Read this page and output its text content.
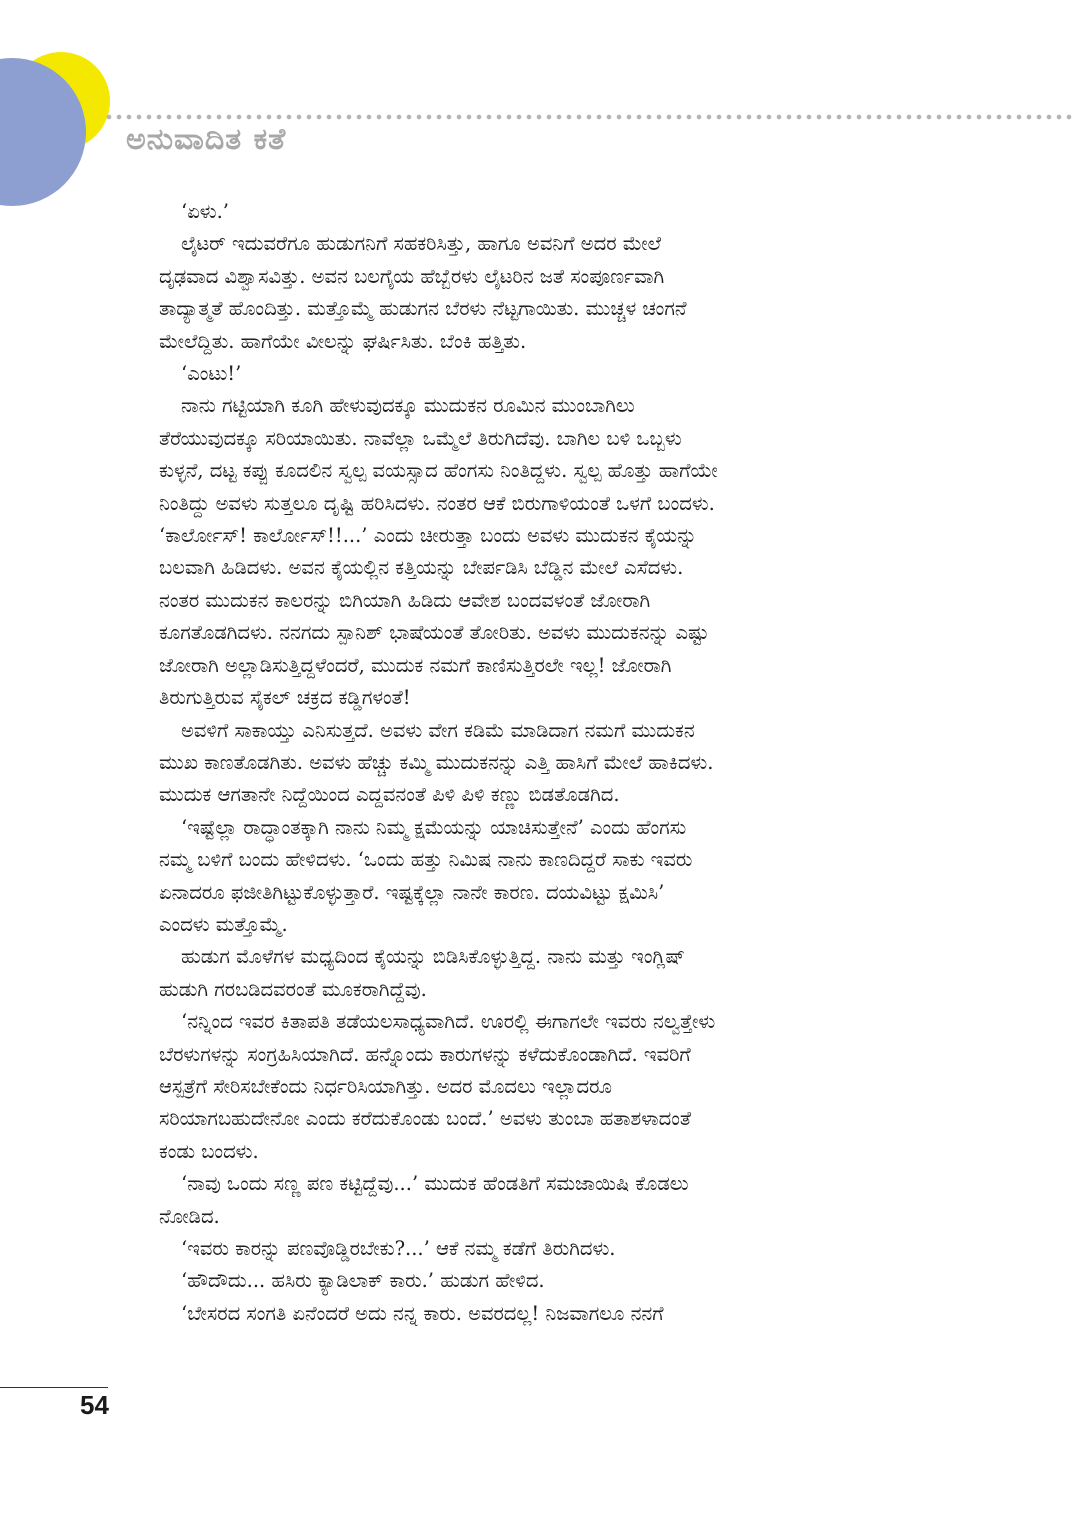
ಅನುವಾದಿತ ಕತೆ

‘ಏಳು.’

ಲೈಟರ್ ಇದುವರೆಗೂ ಹುಡುಗನಿಗೆ ಸಹಕರಿಸಿತ್ತು, ಹಾಗೂ ಅವನಿಗೆ ಅದರ ಮೇಲೆ
ದೃಢವಾದ ವಿಶ್ವಾಸವಿತ್ತು. ಅವನ ಬಲಗೈಯ ಹೆಬ್ಬೆರಳು ಲೈಟರಿನ ಜತೆ ಸಂಪೂರ್ಣವಾಗಿ
ತಾದ್ಯಾತ್ಮತೆ ಹೊಂದಿತ್ತು. ಮತ್ತೊಮ್ಮೆ ಹುಡುಗನ ಬೆರಳು ನೆಟ್ಟಗಾಯಿತು. ಮುಚ್ಚಳ ಚಂಗನೆ
ಮೇಲೆದ್ದಿತು. ಹಾಗೆಯೇ ವೀಲನ್ನು ಘರ್ಷಿಸಿತು. ಬೆಂಕಿ ಹತ್ತಿತು.

‘ಎಂಟು!’

ನಾನು ಗಟ್ಟಿಯಾಗಿ ಕೂಗಿ ಹೇಳುವುದಕ್ಕೂ ಮುದುಕನ ರೂಮಿನ ಮುಂಬಾಗಿಲು
ತೆರೆಯುವುದಕ್ಕೂ ಸರಿಯಾಯಿತು. ನಾವೆಲ್ಲಾ ಒಮ್ಮೆಲೆ ತಿರುಗಿದೆವು. ಬಾಗಿಲ ಬಳಿ ಒಬ್ಬಳು
ಕುಳ್ಳನೆ, ದಟ್ಟ ಕಪ್ಪು ಕೂದಲಿನ ಸ್ವಲ್ಪ ವಯಸ್ಸಾದ ಹೆಂಗಸು ನಿಂತಿದ್ದಳು. ಸ್ವಲ್ಪ ಹೊತ್ತು ಹಾಗೆಯೇ
ನಿಂತಿದ್ದು ಅವಳು ಸುತ್ತಲೂ ದೃಷ್ಟಿ ಹರಿಸಿದಳು. ನಂತರ ಆಕೆ ಬಿರುಗಾಳಿಯಂತೆ ಒಳಗೆ ಬಂದಳು.
‘ಕಾರ್ಲೋಸ್! ಕಾರ್ಲೋಸ್!!...’ ಎಂದು ಚೀರುತ್ತಾ ಬಂದು ಅವಳು ಮುದುಕನ ಕೈಯನ್ನು
ಬಲವಾಗಿ ಹಿಡಿದಳು. ಅವನ ಕೈಯಲ್ಲಿನ ಕತ್ತಿಯನ್ನು ಬೇರ್ಪಡಿಸಿ ಬೆಡ್ಡಿನ ಮೇಲೆ ಎಸೆದಳು.
ನಂತರ ಮುದುಕನ ಕಾಲರನ್ನು ಬಿಗಿಯಾಗಿ ಹಿಡಿದು ಆವೇಶ ಬಂದವಳಂತೆ ಜೋರಾಗಿ
ಕೂಗತೊಡಗಿದಳು. ನನಗದು ಸ್ಪಾನಿಶ್ ಭಾಷೆಯಂತೆ ತೋರಿತು. ಅವಳು ಮುದುಕನನ್ನು ಎಷ್ಟು
ಜೋರಾಗಿ ಅಲ್ಲಾಡಿಸುತ್ತಿದ್ದಳೆಂದರೆ, ಮುದುಕ ನಮಗೆ ಕಾಣಿಸುತ್ತಿರಲೇ ಇಲ್ಲ! ಜೋರಾಗಿ
ತಿರುಗುತ್ತಿರುವ ಸೈಕಲ್ ಚಕ್ರದ ಕಡ್ಡಿಗಳಂತೆ!

ಅವಳಿಗೆ ಸಾಕಾಯ್ತು ಎನಿಸುತ್ತದೆ. ಅವಳು ವೇಗ ಕಡಿಮೆ ಮಾಡಿದಾಗ ನಮಗೆ ಮುದುಕನ
ಮುಖ ಕಾಣತೊಡಗಿತು. ಅವಳು ಹೆಚ್ಚು ಕಮ್ಮಿ ಮುದುಕನನ್ನು ಎತ್ತಿ ಹಾಸಿಗೆ ಮೇಲೆ ಹಾಕಿದಳು.
ಮುದುಕ ಆಗತಾನೇ ನಿದ್ದೆಯಿಂದ ಎದ್ದವನಂತೆ ಪಿಳಿ ಪಿಳಿ ಕಣ್ಣು ಬಿಡತೊಡಗಿದ.

‘ಇಷ್ಟೆಲ್ಲಾ ರಾದ್ಧಾಂತಕ್ಕಾಗಿ ನಾನು ನಿಮ್ಮ ಕ್ಷಮೆಯನ್ನು ಯಾಚಿಸುತ್ತೇನೆ’ ಎಂದು ಹೆಂಗಸು
ನಮ್ಮ ಬಳಿಗೆ ಬಂದು ಹೇಳಿದಳು. ‘ಒಂದು ಹತ್ತು ನಿಮಿಷ ನಾನು ಕಾಣದಿದ್ದರೆ ಸಾಕು ಇವರು
ಏನಾದರೂ ಫಜೀತಿಗಿಟ್ಟುಕೊಳ್ಳುತ್ತಾರೆ. ಇಷ್ಟಕ್ಕೆಲ್ಲಾ ನಾನೇ ಕಾರಣ. ದಯವಿಟ್ಟು ಕ್ಷಮಿಸಿ’
ಎಂದಳು ಮತ್ತೊಮ್ಮೆ.

ಹುಡುಗ ಮೊಳೆಗಳ ಮಧ್ಯದಿಂದ ಕೈಯನ್ನು ಬಿಡಿಸಿಕೊಳ್ಳುತ್ತಿದ್ದ. ನಾನು ಮತ್ತು ಇಂಗ್ಲಿಷ್
ಹುಡುಗಿ ಗರಬಡಿದವರಂತೆ ಮೂಕರಾಗಿದ್ದೆವು.

‘ನನ್ನಿಂದ ಇವರ ಕಿತಾಪತಿ ತಡೆಯಲಸಾಧ್ಯವಾಗಿದೆ. ಊರಲ್ಲಿ ಈಗಾಗಲೇ ಇವರು ನಲ್ವತ್ತೇಳು
ಬೆರಳುಗಳನ್ನು ಸಂಗ್ರಹಿಸಿಯಾಗಿದೆ. ಹನ್ನೊಂದು ಕಾರುಗಳನ್ನು ಕಳೆದುಕೊಂಡಾಗಿದೆ. ಇವರಿಗೆ
ಆಸ್ಪತ್ರೆಗೆ ಸೇರಿಸಬೇಕೆಂದು ನಿರ್ಧರಿಸಿಯಾಗಿತ್ತು. ಅದರ ಮೊದಲು ಇಲ್ಲಾದರೂ
ಸರಿಯಾಗಬಹುದೇನೋ ಎಂದು ಕರೆದುಕೊಂಡು ಬಂದೆ.’ ಅವಳು ತುಂಬಾ ಹತಾಶಳಾದಂತೆ
ಕಂಡು ಬಂದಳು.

‘ನಾವು ಒಂದು ಸಣ್ಣ ಪಣ ಕಟ್ಟಿದ್ದೆವು...’ ಮುದುಕ ಹೆಂಡತಿಗೆ ಸಮಜಾಯಿಷಿ ಕೊಡಲು
ನೋಡಿದ.

‘ಇವರು ಕಾರನ್ನು ಪಣವೊಡ್ಡಿರಬೇಕು?...’ ಆಕೆ ನಮ್ಮ ಕಡೆಗೆ ತಿರುಗಿದಳು.

‘ಹೌದೌದು... ಹಸಿರು ಕ್ಯಾಡಿಲಾಕ್ ಕಾರು.’ ಹುಡುಗ ಹೇಳಿದ.

‘ಬೇಸರದ ಸಂಗತಿ ಏನೆಂದರೆ ಅದು ನನ್ನ ಕಾರು. ಅವರದಲ್ಲ! ನಿಜವಾಗಲೂ ನನಗೆ

54
